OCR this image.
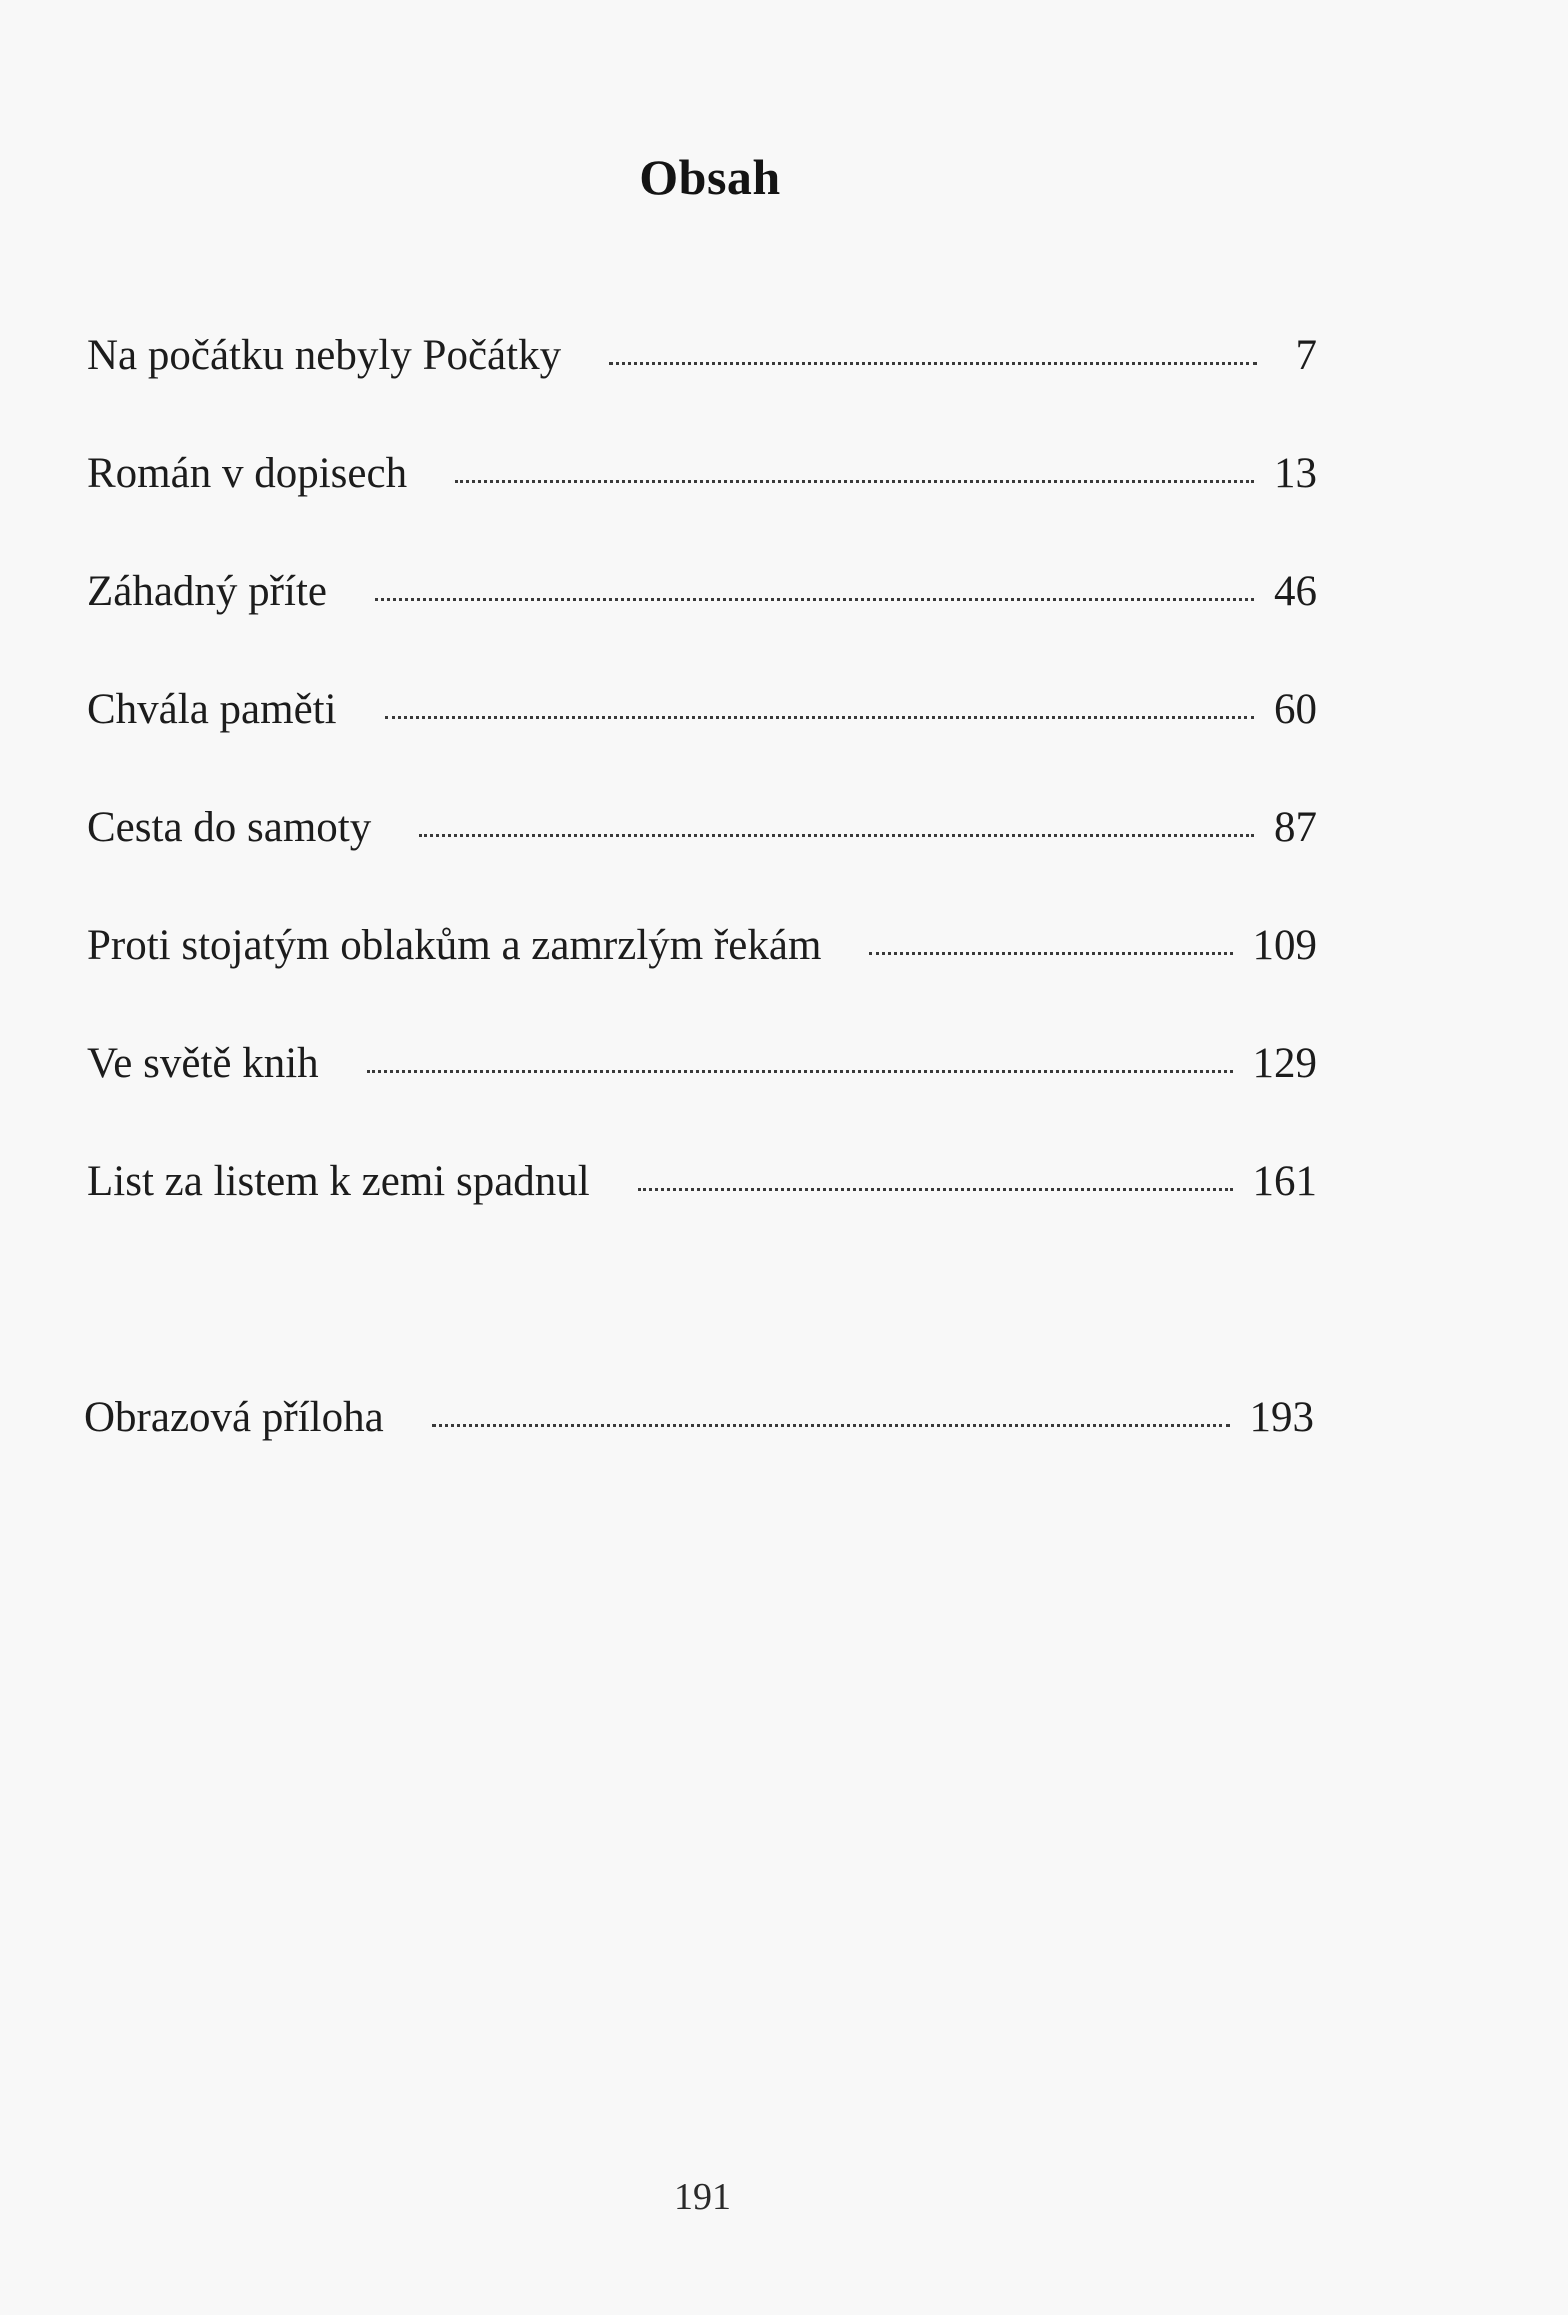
Obsah
Na počátku nebyly Počátky	7
Román v dopisech	13
Záhadný příte	46
Chvála paměti	60
Cesta do samoty	87
Proti stojatým oblakům a zamrzlým řekám	109
Ve světě knih	129
List za listem k zemi spadnul	161
Obrazová příloha	193
191
